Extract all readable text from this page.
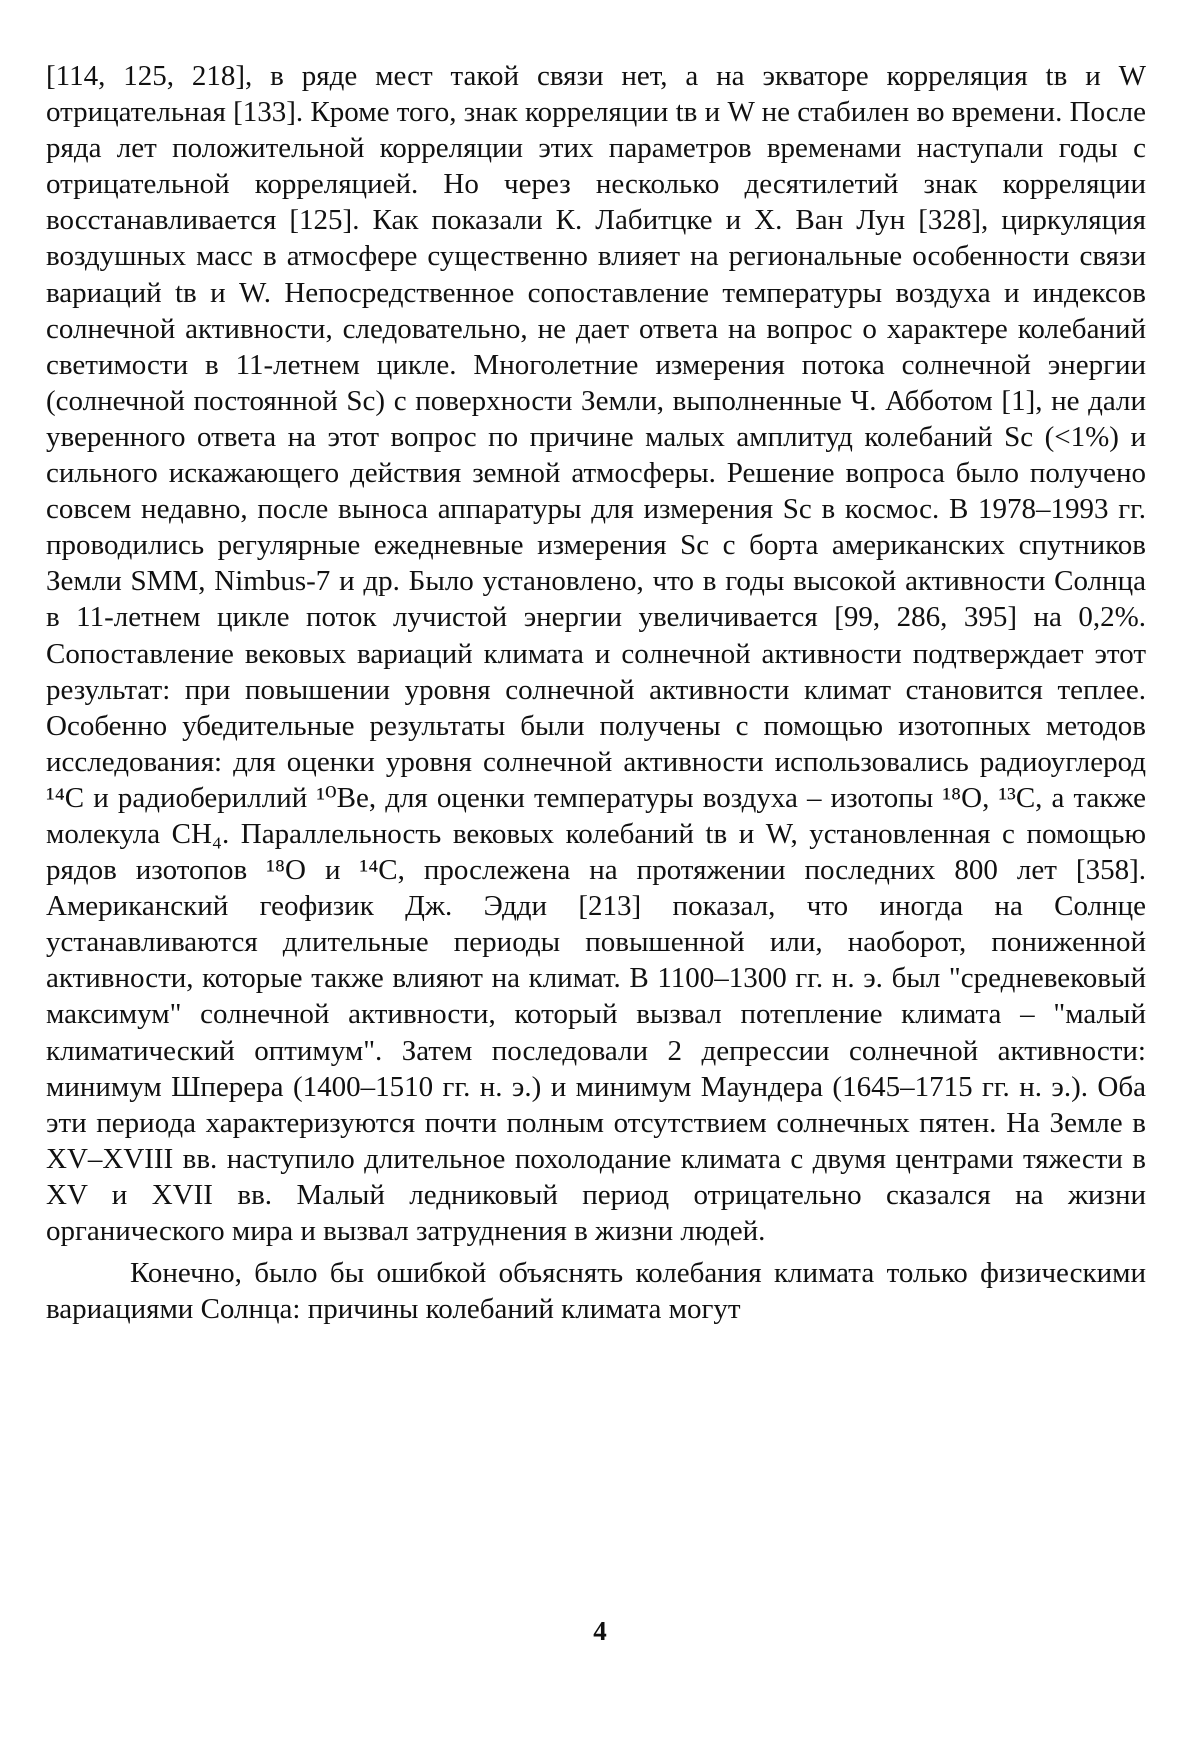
[114, 125, 218], в ряде мест такой связи нет, а на экваторе корреляция tв и W отрицательная [133]. Кроме того, знак корреляции tв и W не стабилен во времени. После ряда лет положительной корреляции этих параметров временами наступали годы с отрицательной корреляцией. Но через несколько десятилетий знак корреляции восстанавливается [125]. Как показали К. Лабитцке и Х. Ван Лун [328], циркуляция воздушных масс в атмосфере существенно влияет на региональные особенности связи вариаций tв и W. Непосредственное сопоставление температуры воздуха и индексов солнечной активности, следовательно, не дает ответа на вопрос о характере колебаний светимости в 11-летнем цикле. Многолетние измерения потока солнечной энергии (солнечной постоянной Sс) с поверхности Земли, выполненные Ч. Абботом [1], не дали уверенного ответа на этот вопрос по причине малых амплитуд колебаний Sс (<1%) и сильного искажающего действия земной атмосферы. Решение вопроса было получено совсем недавно, после выноса аппаратуры для измерения Sс в космос. В 1978–1993 гг. проводились регулярные ежедневные измерения Sс с борта американских спутников Земли SMM, Nimbus-7 и др. Было установлено, что в годы высокой активности Солнца в 11-летнем цикле поток лучистой энергии увеличивается [99, 286, 395] на 0,2%. Сопоставление вековых вариаций климата и солнечной активности подтверждает этот результат: при повышении уровня солнечной активности климат становится теплее. Особенно убедительные результаты были получены с помощью изотопных методов исследования: для оценки уровня солнечной активности использовались радиоуглерод ¹⁴C и радиобериллий ¹⁰Be, для оценки температуры воздуха – изотопы ¹⁸O, ¹³C, а также молекула CH₄. Параллельность вековых колебаний tв и W, установленная с помощью рядов изотопов ¹⁸O и ¹⁴C, прослежена на протяжении последних 800 лет [358]. Американский геофизик Дж. Эдди [213] показал, что иногда на Солнце устанавливаются длительные периоды повышенной или, наоборот, пониженной активности, которые также влияют на климат. В 1100–1300 гг. н. э. был "средневековый максимум" солнечной активности, который вызвал потепление климата – "малый климатический оптимум". Затем последовали 2 депрессии солнечной активности: минимум Шперера (1400–1510 гг. н. э.) и минимум Маундера (1645–1715 гг. н. э.). Оба эти периода характеризуются почти полным отсутствием солнечных пятен. На Земле в XV–XVIII вв. наступило длительное похолодание климата с двумя центрами тяжести в XV и XVII вв. Малый ледниковый период отрицательно сказался на жизни органического мира и вызвал затруднения в жизни людей.

Конечно, было бы ошибкой объяснять колебания климата только физическими вариациями Солнца: причины колебаний климата могут

4
